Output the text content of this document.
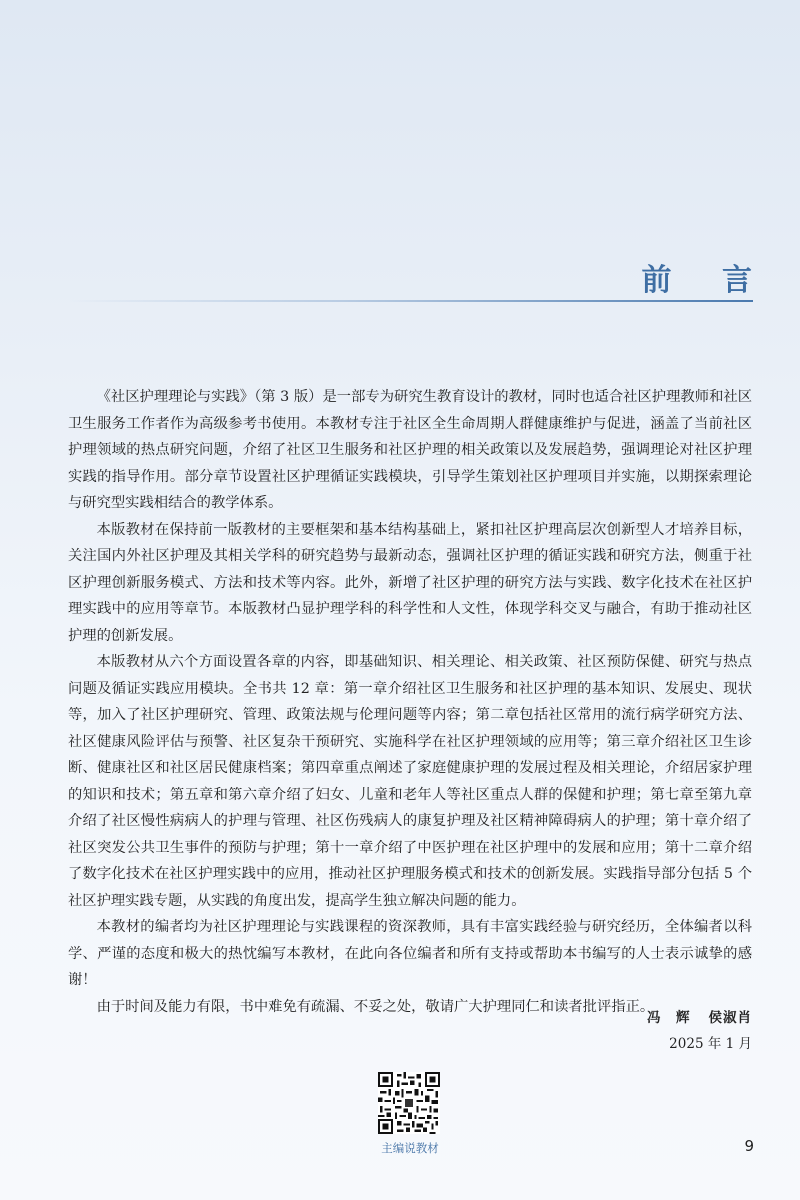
前 言

《社区护理理论与实践》（第 3 版）是一部专为研究生教育设计的教材，同时也适合社区护理教师和社区卫生服务工作者作为高级参考书使用。本教材专注于社区全生命周期人群健康维护与促进，涵盖了当前社区护理领域的热点研究问题，介绍了社区卫生服务和社区护理的相关政策以及发展趋势，强调理论对社区护理实践的指导作用。部分章节设置社区护理循证实践模块，引导学生策划社区护理项目并实施，以期探索理论与研究型实践相结合的教学体系。

本版教材在保持前一版教材的主要框架和基本结构基础上，紧扣社区护理高层次创新型人才培养目标，关注国内外社区护理及其相关学科的研究趋势与最新动态，强调社区护理的循证实践和研究方法，侧重于社区护理创新服务模式、方法和技术等内容。此外，新增了社区护理的研究方法与实践、数字化技术在社区护理实践中的应用等章节。本版教材凸显护理学科的科学性和人文性，体现学科交叉与融合，有助于推动社区护理的创新发展。

本版教材从六个方面设置各章的内容，即基础知识、相关理论、相关政策、社区预防保健、研究与热点问题及循证实践应用模块。全书共 12 章：第一章介绍社区卫生服务和社区护理的基本知识、发展史、现状等，加入了社区护理研究、管理、政策法规与伦理问题等内容；第二章包括社区常用的流行病学研究方法、社区健康风险评估与预警、社区复杂干预研究、实施科学在社区护理领域的应用等；第三章介绍社区卫生诊断、健康社区和社区居民健康档案；第四章重点阐述了家庭健康护理的发展过程及相关理论，介绍居家护理的知识和技术；第五章和第六章介绍了妇女、儿童和老年人等社区重点人群的保健和护理；第七章至第九章介绍了社区慢性病病人的护理与管理、社区伤残病人的康复护理及社区精神障碍病人的护理；第十章介绍了社区突发公共卫生事件的预防与护理；第十一章介绍了中医护理在社区护理中的发展和应用；第十二章介绍了数字化技术在社区护理实践中的应用，推动社区护理服务模式和技术的创新发展。实践指导部分包括 5 个社区护理实践专题，从实践的角度出发，提高学生独立解决问题的能力。

本教材的编者均为社区护理理论与实践课程的资深教师，具有丰富实践经验与研究经历，全体编者以科学、严谨的态度和极大的热忱编写本教材，在此向各位编者和所有支持或帮助本书编写的人士表示诚挚的感谢！

由于时间及能力有限，书中难免有疏漏、不妥之处，敬请广大护理同仁和读者批评指正。

冯　辉 侯淑肖
2025 年 1 月
主编说教材	9
